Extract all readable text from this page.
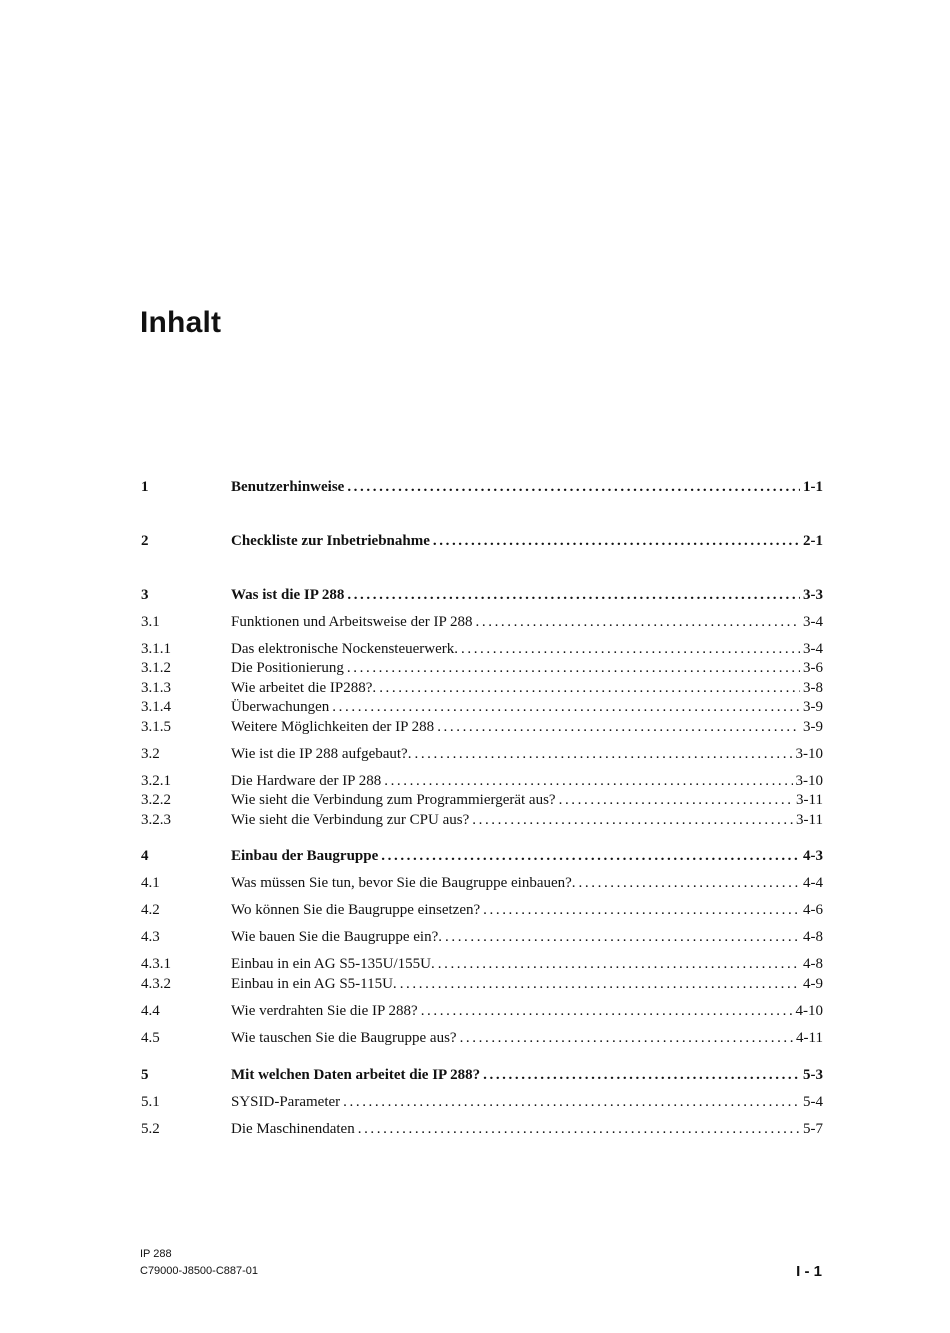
Inhalt
1	Benutzerhinweise .....	1-1
2	Checkliste zur Inbetriebnahme .....	2-1
3	Was ist die IP 288 .....	3-3
3.1	Funktionen und Arbeitsweise der IP 288 .....	3-4
3.1.1	Das elektronische Nockensteuerwerk. .....	3-4
3.1.2	Die Positionierung .....	3-6
3.1.3	Wie arbeitet die IP288?. .....	3-8
3.1.4	Überwachungen .....	3-9
3.1.5	Weitere Möglichkeiten der IP 288 .....	3-9
3.2	Wie ist die IP 288 aufgebaut?. .....	3-10
3.2.1	Die Hardware der IP 288 .....	3-10
3.2.2	Wie sieht die Verbindung zum Programmiergerät aus? .....	3-11
3.2.3	Wie sieht die Verbindung zur CPU aus? .....	3-11
4	Einbau der Baugruppe .....	4-3
4.1	Was müssen Sie tun, bevor Sie die Baugruppe einbauen?. .....	4-4
4.2	Wo können Sie die Baugruppe einsetzen? .....	4-6
4.3	Wie bauen Sie die Baugruppe ein?. .....	4-8
4.3.1	Einbau in ein AG S5-135U/155U. .....	4-8
4.3.2	Einbau in ein AG S5-115U. .....	4-9
4.4	Wie verdrahten Sie die IP 288? .....	4-10
4.5	Wie tauschen Sie die Baugruppe aus? .....	4-11
5	Mit welchen Daten arbeitet die IP 288? .....	5-3
5.1	SYSID-Parameter .....	5-4
5.2	Die Maschinendaten .....	5-7
IP 288
C79000-J8500-C887-01	I - 1
